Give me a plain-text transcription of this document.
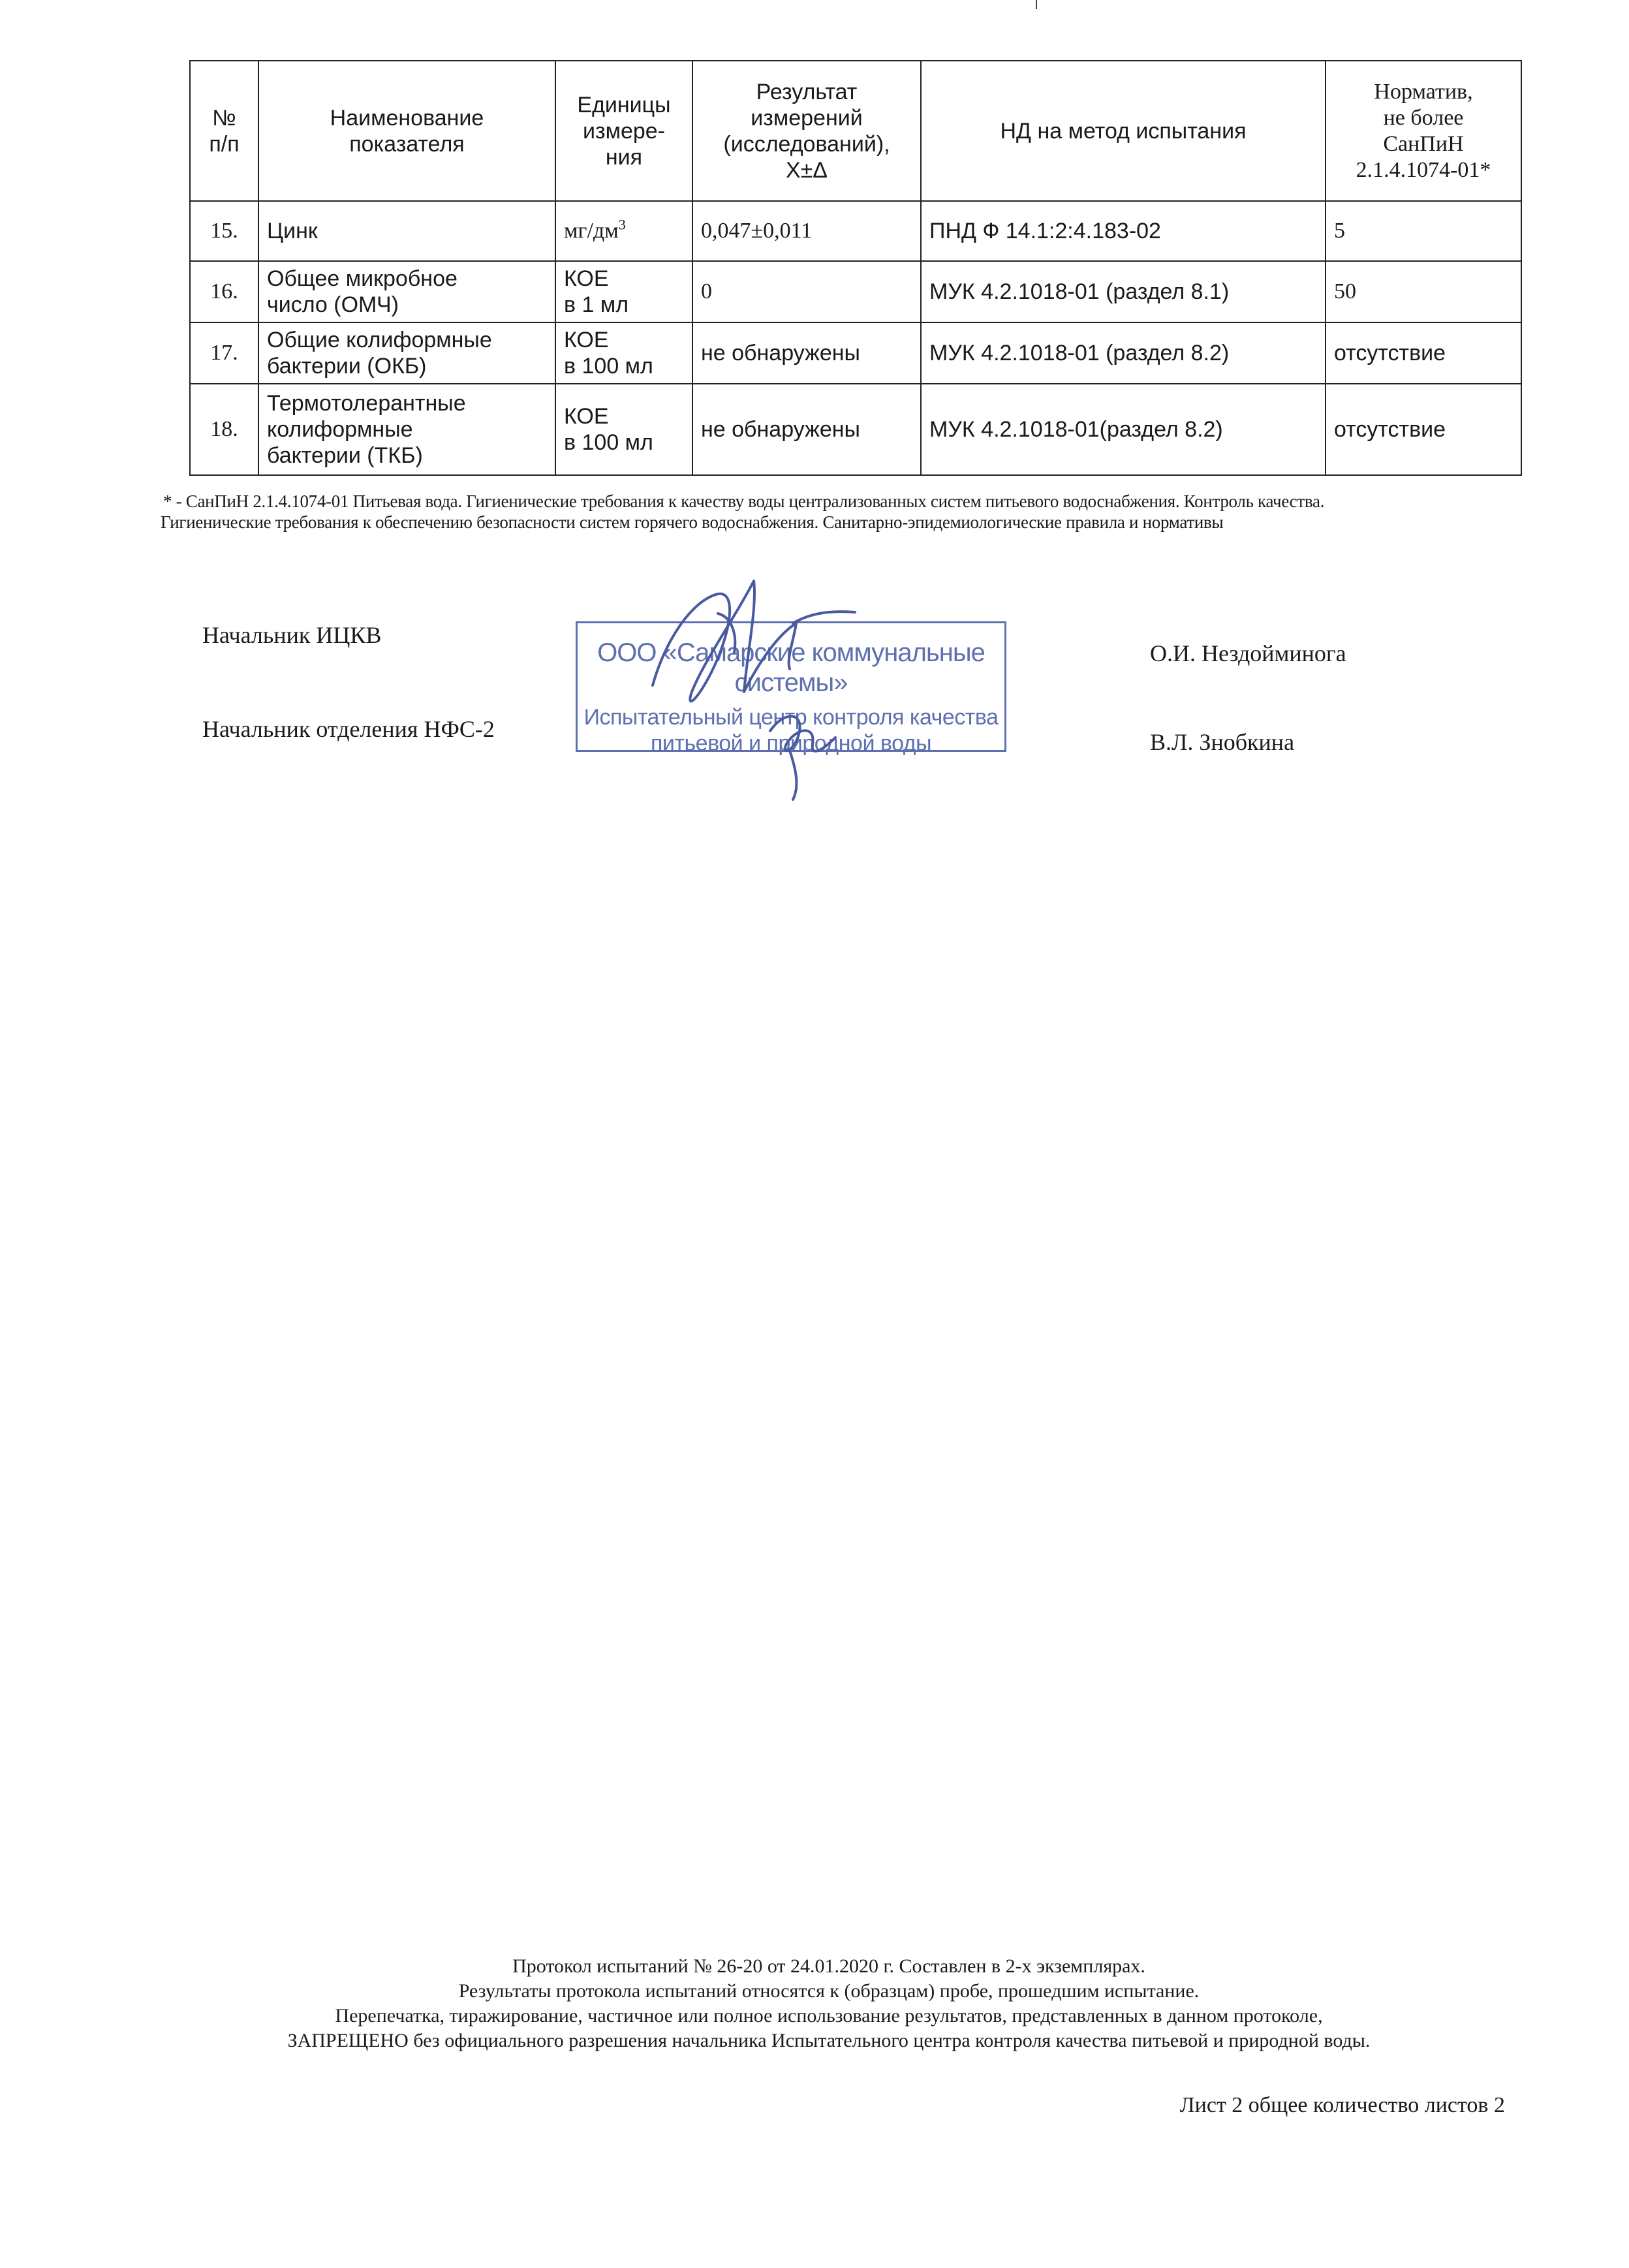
№
п/п	Наименование
показателя	Единицы
измере-
ния	Результат
измерений
(исследований),
X±Δ	НД на метод испытания	Норматив,
не более
СанПиН
2.1.4.1074-01*
15.	Цинк	$мг/дм^3$	0,047±0,011	ПНД Ф 14.1:2:4.183-02	5
16.	Общее микробное
число (ОМЧ)	КОЕ
в 1 мл	0	МУК 4.2.1018-01 (раздел 8.1)	50
17.	Общие колиформные
бактерии (ОКБ)	КОЕ
в 100 мл	не обнаружены	МУК 4.2.1018-01 (раздел 8.2)	отсутствие
18.	Термотолерантные
колиформные
бактерии (ТКБ)	КОЕ
в 100 мл	не обнаружены	МУК 4.2.1018-01(раздел 8.2)	отсутствие
* - СанПиН 2.1.4.1074-01 Питьевая вода. Гигиенические требования к качеству воды централизованных систем питьевого водоснабжения. Контроль качества.
Гигиенические требования к обеспечению безопасности систем горячего водоснабжения. Санитарно-эпидемиологические правила и нормативы
Начальник ИЦКВ
О.И. Нездойминога
Начальник отделения НФС-2	В.Л. Знобкина
ООО «Самарские коммунальные системы»
Испытательный центр контроля качества
питьевой и природной воды
Протокол испытаний № 26-20 от 24.01.2020 г. Составлен в 2-х экземплярах.
Результаты протокола испытаний относятся к (образцам) пробе, прошедшим испытание.
Перепечатка, тиражирование, частичное или полное использование результатов, представленных в данном протоколе,
ЗАПРЕЩЕНО без официального разрешения начальника Испытательного центра контроля качества питьевой и природной воды.
Лист 2 общее количество листов 2
